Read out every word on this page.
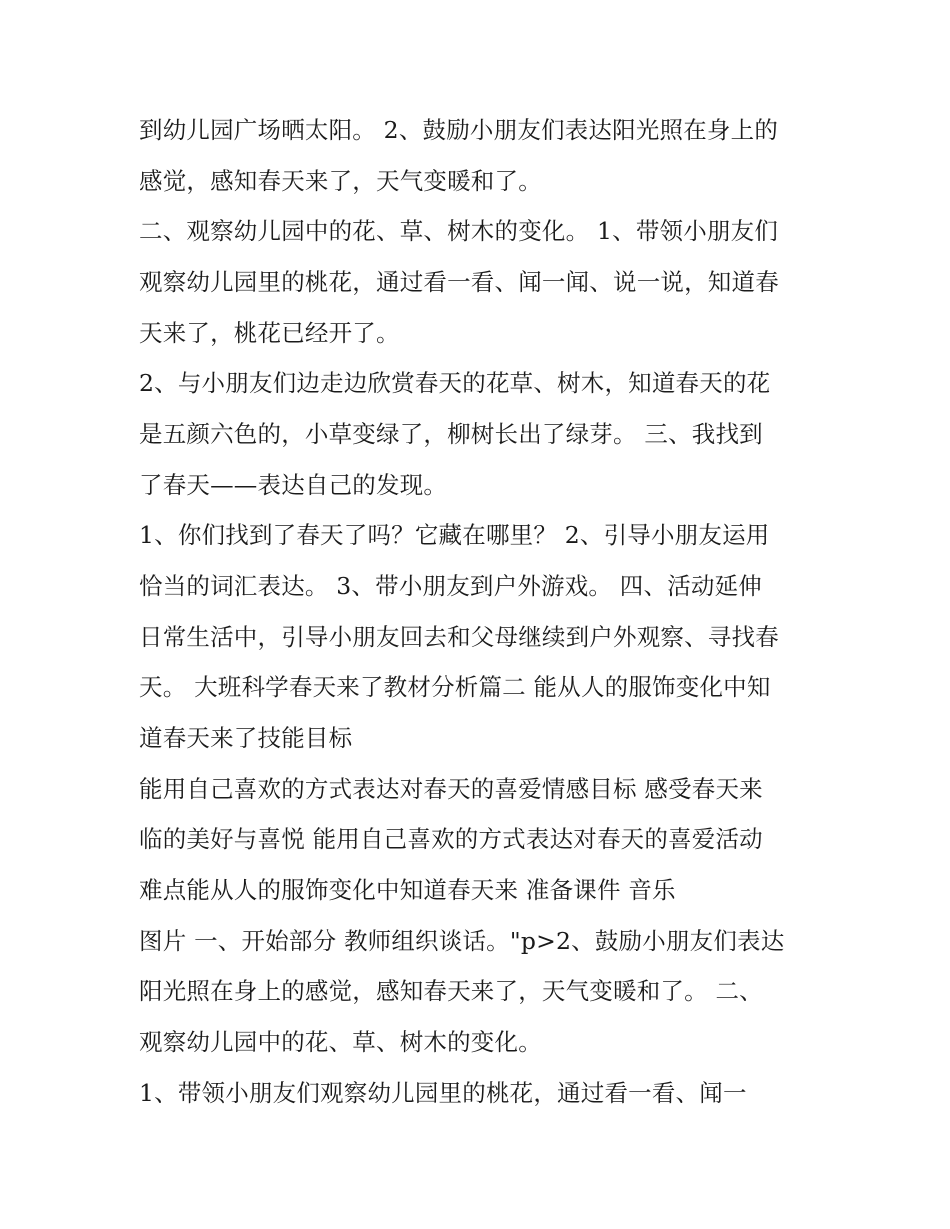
到幼儿园广场晒太阳。 2、鼓励小朋友们表达阳光照在身上的
感觉，感知春天来了，天气变暖和了。
二、观察幼儿园中的花、草、树木的变化。 1、带领小朋友们
观察幼儿园里的桃花，通过看一看、闻一闻、说一说，知道春
天来了，桃花已经开了。
2、与小朋友们边走边欣赏春天的花草、树木，知道春天的花
是五颜六色的，小草变绿了，柳树长出了绿芽。 三、我找到
了春天——表达自己的发现。
1、你们找到了春天了吗？它藏在哪里？ 2、引导小朋友运用
恰当的词汇表达。 3、带小朋友到户外游戏。 四、活动延伸
日常生活中，引导小朋友回去和父母继续到户外观察、寻找春
天。 大班科学春天来了教材分析篇二 能从人的服饰变化中知
道春天来了技能目标
能用自己喜欢的方式表达对春天的喜爱情感目标 感受春天来
临的美好与喜悦 能用自己喜欢的方式表达对春天的喜爱活动
难点能从人的服饰变化中知道春天来 准备课件 音乐
图片 一、开始部分 教师组织谈话。"p>2、鼓励小朋友们表达
阳光照在身上的感觉，感知春天来了，天气变暖和了。 二、
观察幼儿园中的花、草、树木的变化。
1、带领小朋友们观察幼儿园里的桃花，通过看一看、闻一
